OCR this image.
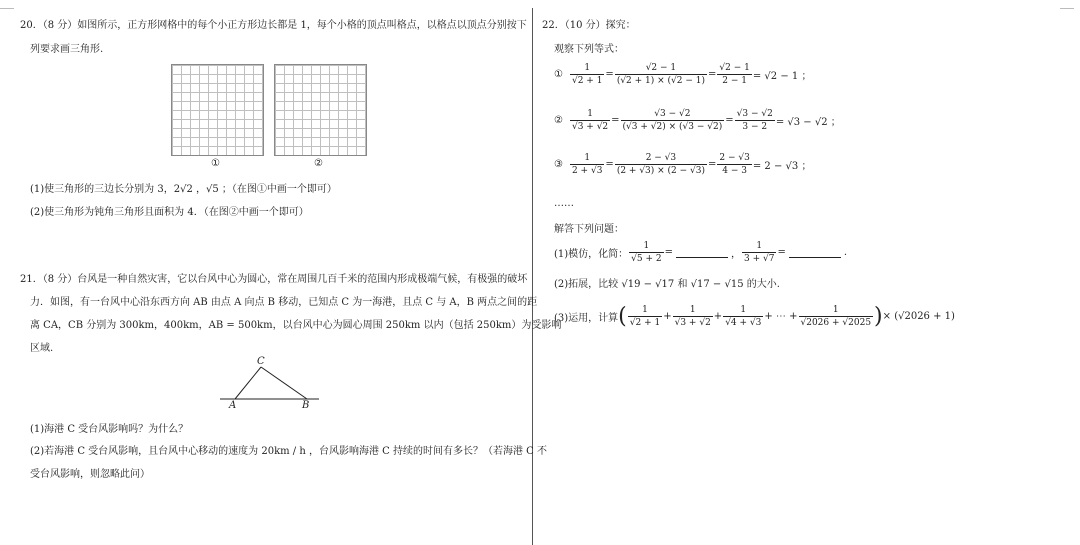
20．（8 分）如图所示，正方形网格中的每个小正方形边长都是 1，每个小格的顶点叫格点，以格点以顶点分别按下
列要求画三角形.
①	②
(1)使三角形的三边长分别为 3，2√2 ，√5 ；（在图①中画一个即可）
(2)使三角形为钝角三角形且面积为 4．（在图②中画一个即可）
21．（8 分）台风是一种自然灾害，它以台风中心为圆心，常在周围几百千米的范围内形成极端气候，有极强的破坏
力．如图，有一台风中心沿东西方向 AB 由点 A 向点 B 移动，已知点 C 为一海港，且点 C 与 A，B 两点之间的距
离 CA，CB 分别为 300km，400km，AB = 500km，以台风中心为圆心周围 250km 以内（包括 250km）为受影响
区域.
C
A	B
(1)海港 C 受台风影响吗？为什么？
(2)若海港 C 受台风影响，且台风中心移动的速度为 20km / h ，台风影响海港 C 持续的时间有多长？（若海港 C 不
受台风影响，则忽略此问）
22．（10 分）探究：
观察下列等式：
① $\frac{1}{√2 + 1} = \frac{√2 - 1}{(√2 + 1) \times (√2 - 1)} = \frac{√2 - 1}{2 - 1} = √2 - 1$ ；
② $\frac{1}{√3 + √2} = \frac{√3 - √2}{(√3 + √2) \times (√3 - √2)} = \frac{√3 - √2}{3 - 2} = √3 - √2$ ；
③ $\frac{1}{2 + √3} = \frac{2 - √3}{(2 + √3) \times (2 - √3)} = \frac{2 - √3}{4 - 3} = 2 - √3$ ；
……
解答下列问题：
(1)模仿，化简： $\frac{1}{√5 + 2}$ =	， $\frac{1}{3 + √7}$ =	.
(2)拓展，比较 √19 − √17 和 √17 − √15 的大小.
(3)运用，计算 ( $\frac{1}{√2 + 1} + \frac{1}{√3 + √2} + \frac{1}{√4 + √3}$ + ⋯ + $\frac{1}{√2026 + √2025}$ ) × (√2026 + 1)
